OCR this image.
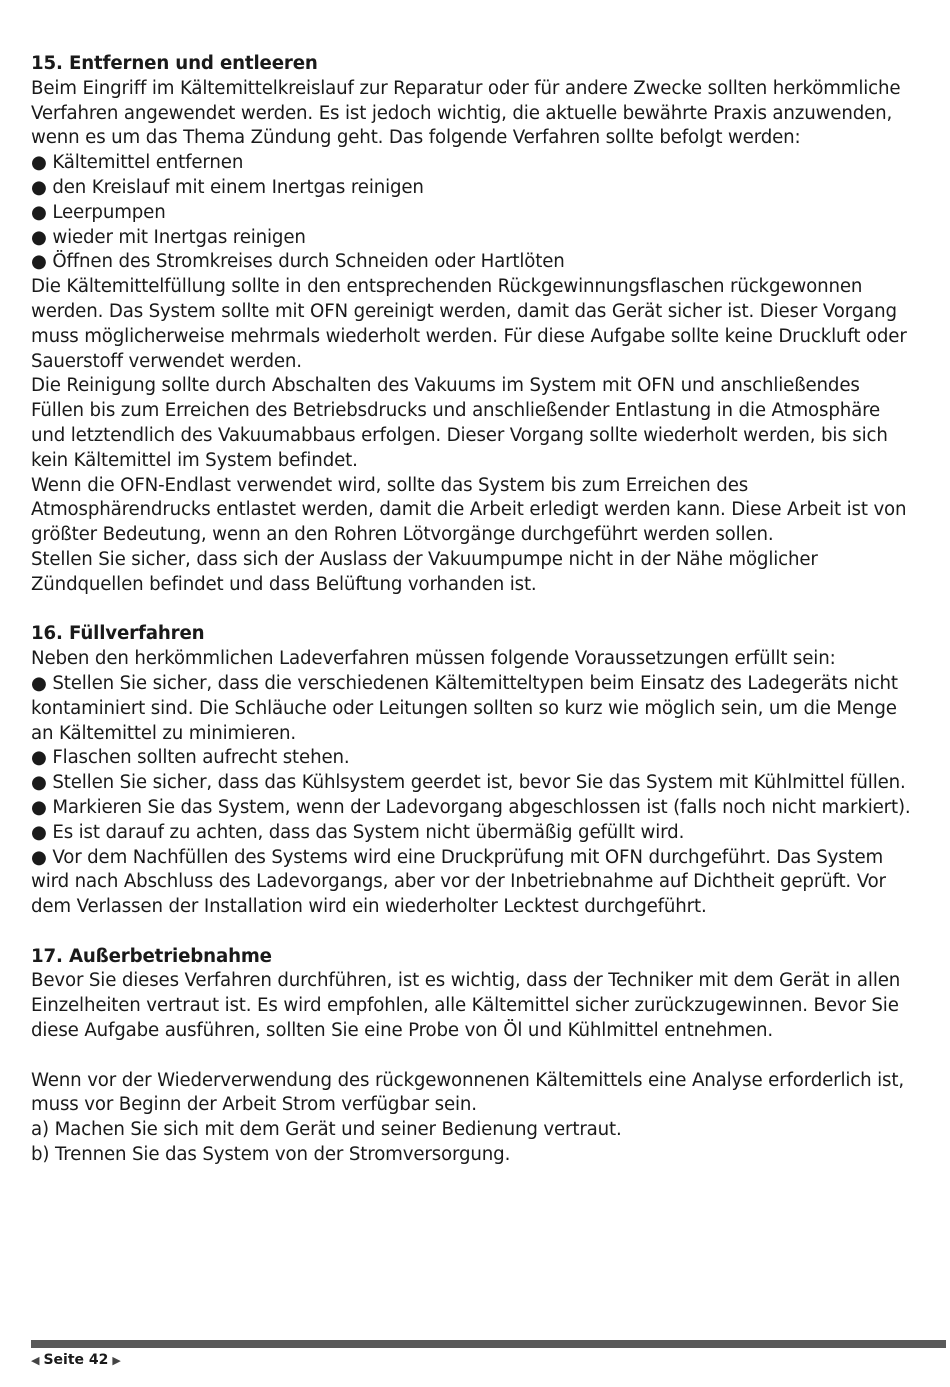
15. Entfernen und entleeren
Beim Eingriff im Kältemittelkreislauf zur Reparatur oder für andere Zwecke sollten herkömmliche
Verfahren angewendet werden. Es ist jedoch wichtig, die aktuelle bewährte Praxis anzuwenden,
wenn es um das Thema Zündung geht. Das folgende Verfahren sollte befolgt werden:
● Kältemittel entfernen
● den Kreislauf mit einem Inertgas reinigen
● Leerpumpen
● wieder mit Inertgas reinigen
● Öffnen des Stromkreises durch Schneiden oder Hartlöten
Die Kältemittelfüllung sollte in den entsprechenden Rückgewinnungsflaschen rückgewonnen
werden. Das System sollte mit OFN gereinigt werden, damit das Gerät sicher ist. Dieser Vorgang
muss möglicherweise mehrmals wiederholt werden. Für diese Aufgabe sollte keine Druckluft oder
Sauerstoff verwendet werden.
Die Reinigung sollte durch Abschalten des Vakuums im System mit OFN und anschließendes
Füllen bis zum Erreichen des Betriebsdrucks und anschließender Entlastung in die Atmosphäre
und letztendlich des Vakuumabbaus erfolgen. Dieser Vorgang sollte wiederholt werden, bis sich
kein Kältemittel im System befindet.
Wenn die OFN-Endlast verwendet wird, sollte das System bis zum Erreichen des
Atmosphärendrucks entlastet werden, damit die Arbeit erledigt werden kann. Diese Arbeit ist von
größter Bedeutung, wenn an den Rohren Lötvorgänge durchgeführt werden sollen.
Stellen Sie sicher, dass sich der Auslass der Vakuumpumpe nicht in der Nähe möglicher
Zündquellen befindet und dass Belüftung vorhanden ist.
16. Füllverfahren
Neben den herkömmlichen Ladeverfahren müssen folgende Voraussetzungen erfüllt sein:
● Stellen Sie sicher, dass die verschiedenen Kältemitteltypen beim Einsatz des Ladegeräts nicht
kontaminiert sind. Die Schläuche oder Leitungen sollten so kurz wie möglich sein, um die Menge
an Kältemittel zu minimieren.
● Flaschen sollten aufrecht stehen.
● Stellen Sie sicher, dass das Kühlsystem geerdet ist, bevor Sie das System mit Kühlmittel füllen.
● Markieren Sie das System, wenn der Ladevorgang abgeschlossen ist (falls noch nicht markiert).
● Es ist darauf zu achten, dass das System nicht übermäßig gefüllt wird.
● Vor dem Nachfüllen des Systems wird eine Druckprüfung mit OFN durchgeführt. Das System
wird nach Abschluss des Ladevorgangs, aber vor der Inbetriebnahme auf Dichtheit geprüft. Vor
dem Verlassen der Installation wird ein wiederholter Lecktest durchgeführt.
17. Außerbetriebnahme
Bevor Sie dieses Verfahren durchführen, ist es wichtig, dass der Techniker mit dem Gerät in allen
Einzelheiten vertraut ist. Es wird empfohlen, alle Kältemittel sicher zurückzugewinnen. Bevor Sie
diese Aufgabe ausführen, sollten Sie eine Probe von Öl und Kühlmittel entnehmen.
Wenn vor der Wiederverwendung des rückgewonnenen Kältemittels eine Analyse erforderlich ist,
muss vor Beginn der Arbeit Strom verfügbar sein.
a) Machen Sie sich mit dem Gerät und seiner Bedienung vertraut.
b) Trennen Sie das System von der Stromversorgung.
◀ Seite 42 ▶
